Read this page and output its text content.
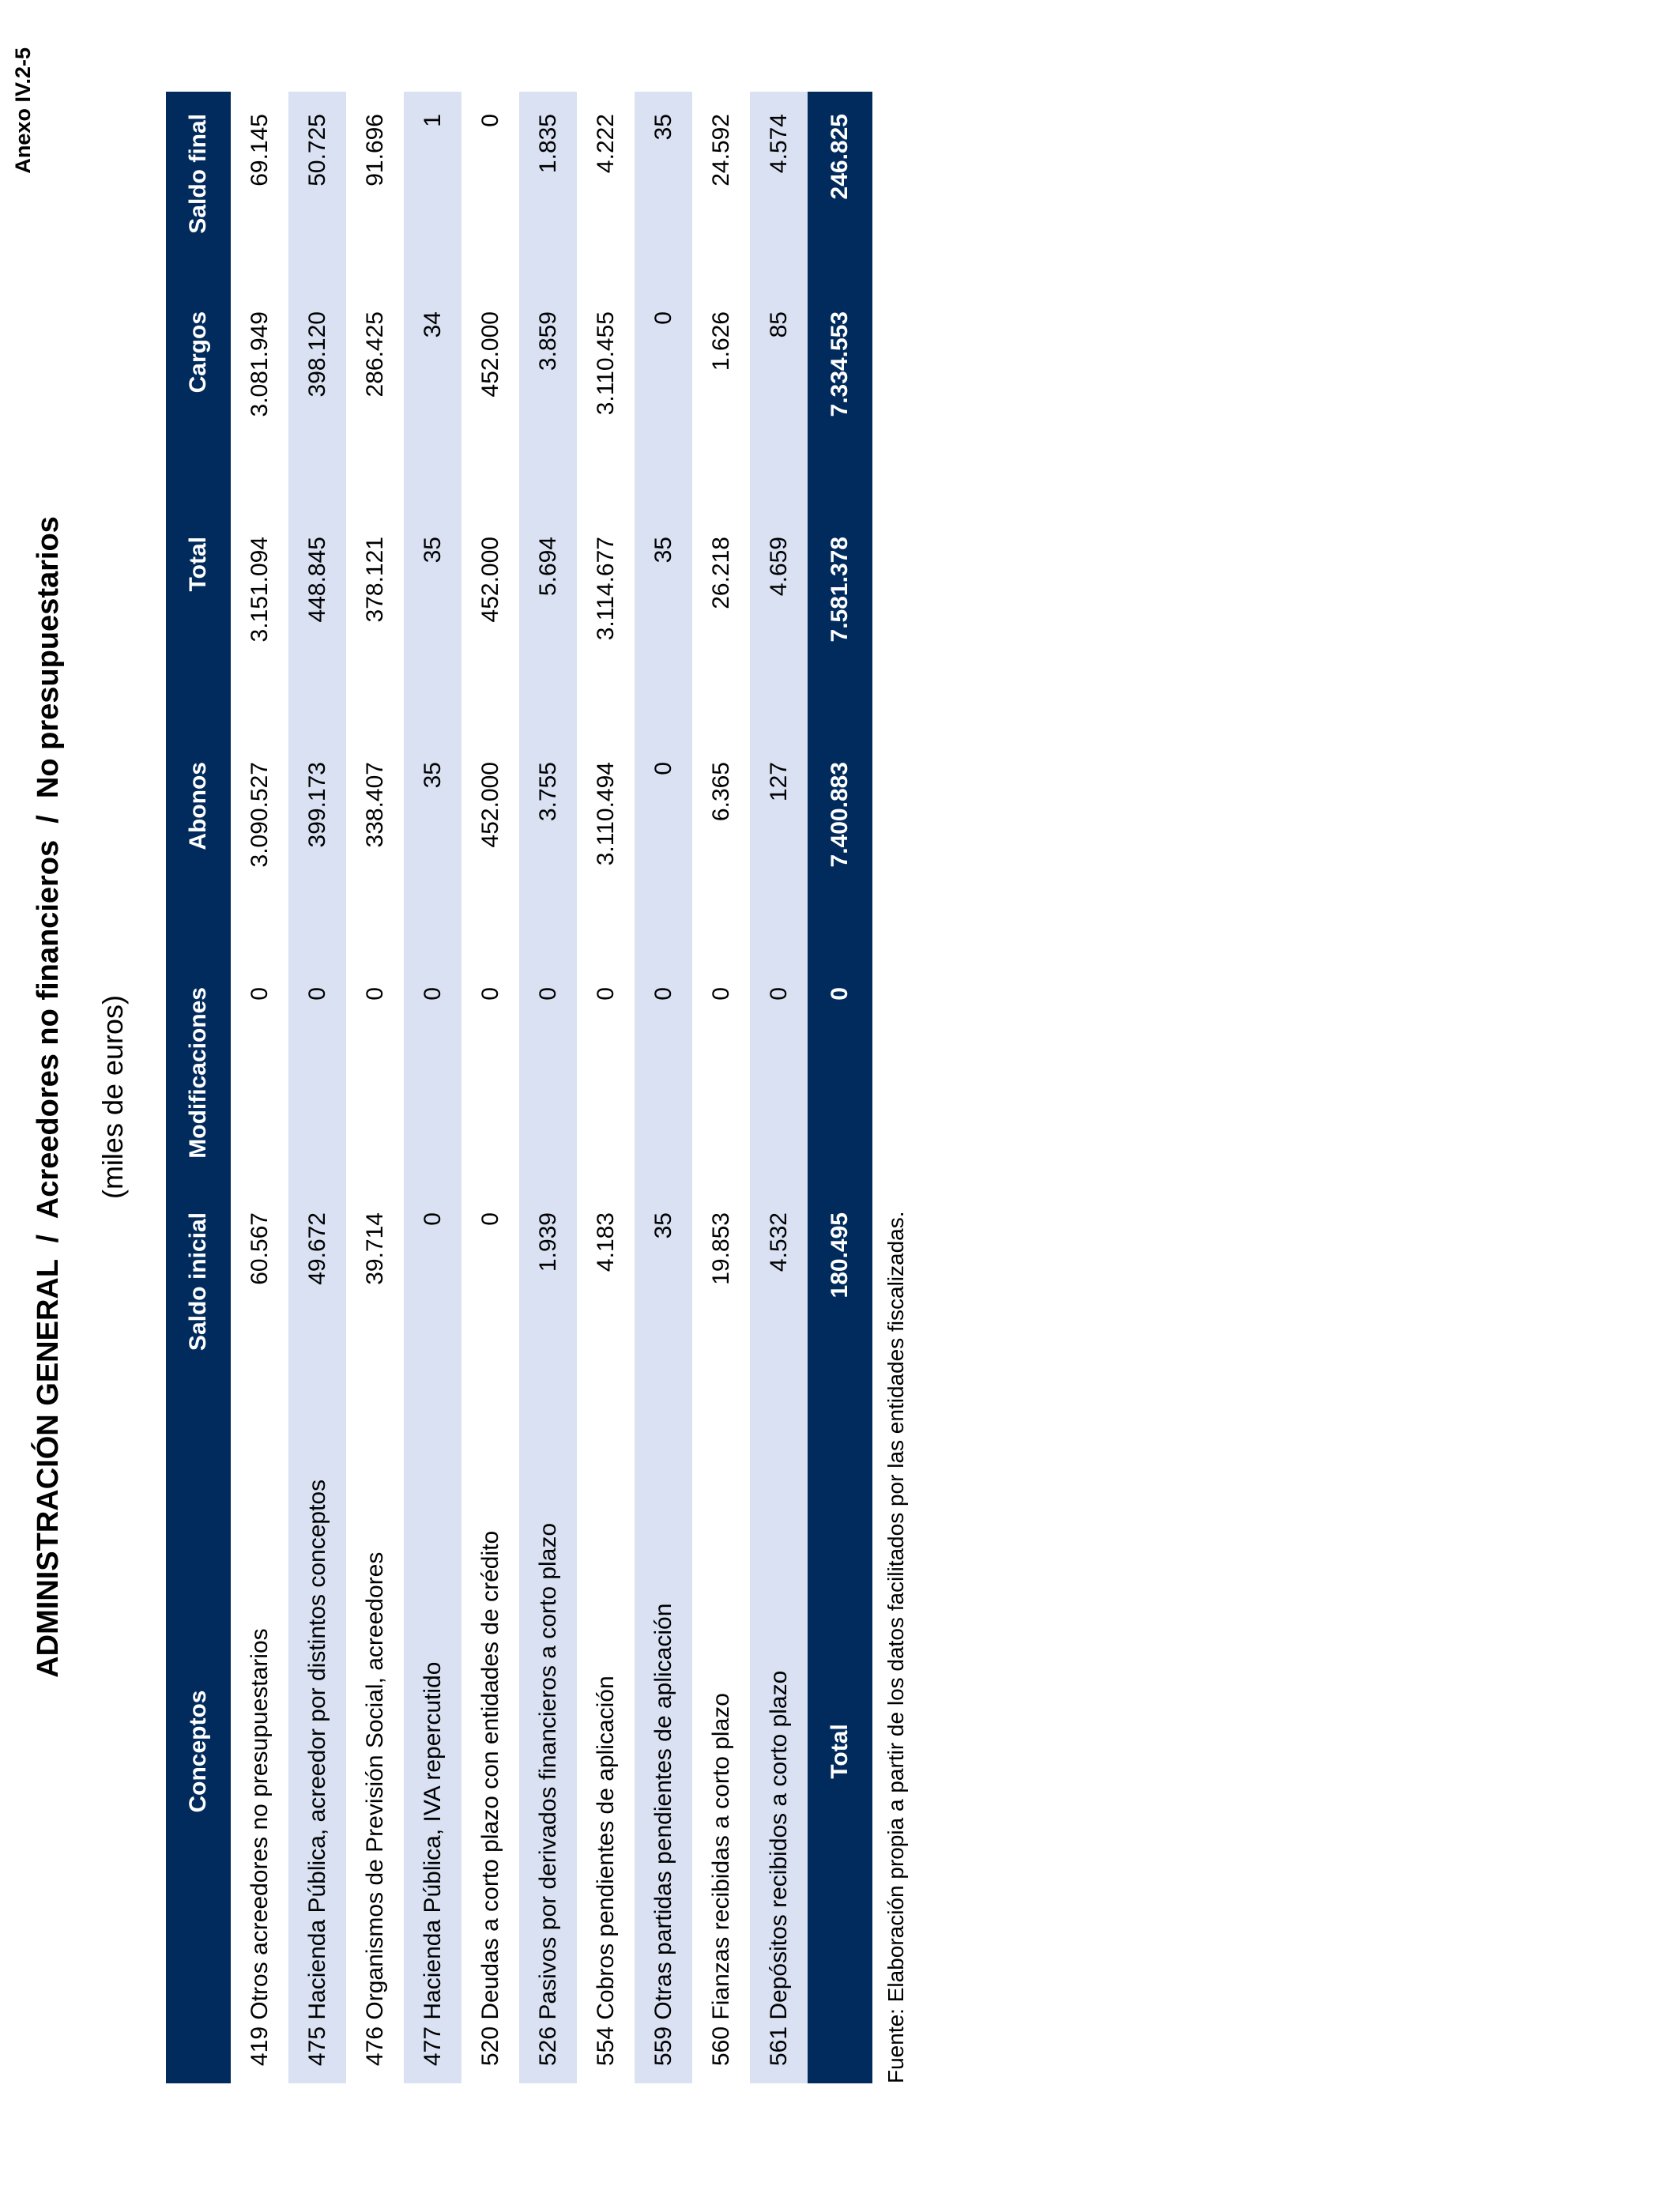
Anexo IV.2-5
ADMINISTRACIÓN GENERAL  /  Acreedores no financieros  /  No presupuestarios (miles de euros)
Conceptos	Saldo inicial	Modificaciones	Abonos	Total	Cargos	Saldo final
419 Otros acreedores no presupuestarios	60.567	0	3.090.527	3.151.094	3.081.949	69.145
475 Hacienda Pública, acreedor por distintos conceptos	49.672	0	399.173	448.845	398.120	50.725
476 Organismos de Previsión Social, acreedores	39.714	0	338.407	378.121	286.425	91.696
477 Hacienda Pública, IVA repercutido	0	0	35	35	34	1
520 Deudas a corto plazo con entidades de crédito	0	0	452.000	452.000	452.000	0
526 Pasivos por derivados financieros a corto plazo	1.939	0	3.755	5.694	3.859	1.835
554 Cobros pendientes de aplicación	4.183	0	3.110.494	3.114.677	3.110.455	4.222
559 Otras partidas pendientes de aplicación	35	0	0	35	0	35
560 Fianzas recibidas a corto plazo	19.853	0	6.365	26.218	1.626	24.592
561 Depósitos recibidos a corto plazo	4.532	0	127	4.659	85	4.574
Total	180.495	0	7.400.883	7.581.378	7.334.553	246.825
Fuente: Elaboración propia a partir de los datos facilitados por las entidades fiscalizadas.
